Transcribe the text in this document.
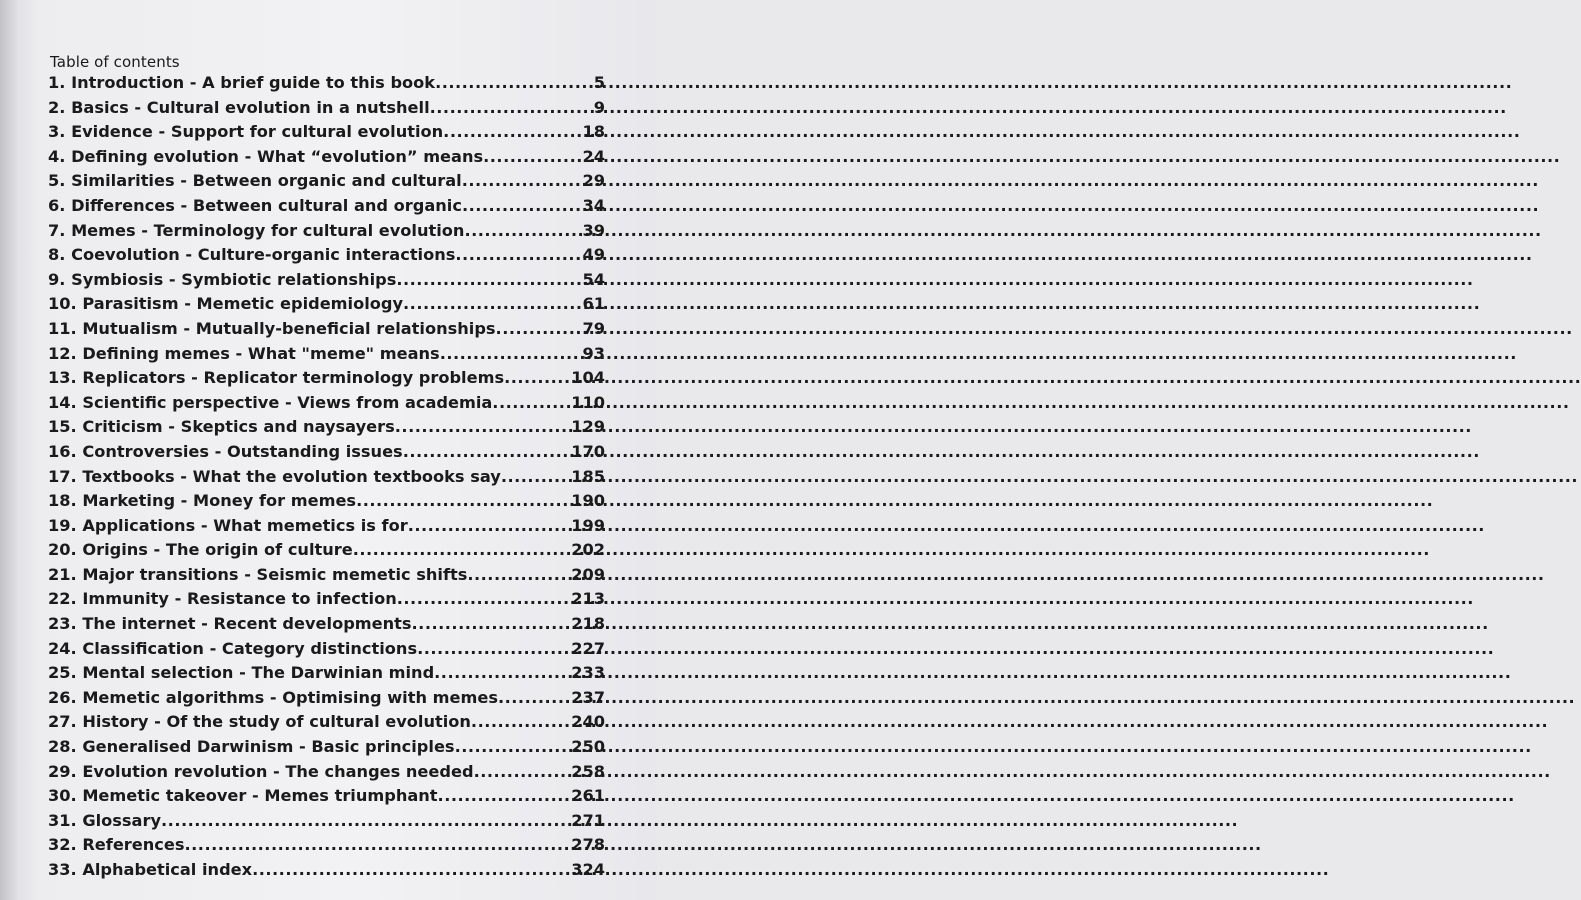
Table of contents
1. Introduction - A brief guide to this book .....	5
2. Basics - Cultural evolution in a nutshell .....	9
3. Evidence - Support for cultural evolution .....	18
4. Defining evolution - What “evolution” means .....	24
5. Similarities - Between organic and cultural .....	29
6. Differences - Between cultural and organic .....	34
7. Memes - Terminology for cultural evolution .....	39
8. Coevolution - Culture-organic interactions .....	49
9. Symbiosis - Symbiotic relationships .....	54
10. Parasitism - Memetic epidemiology .....	61
11. Mutualism - Mutually-beneficial relationships .....	79
12. Defining memes - What "meme" means .....	93
13. Replicators - Replicator terminology problems .....	104
14. Scientific perspective - Views from academia .....	110
15. Criticism - Skeptics and naysayers .....	129
16. Controversies - Outstanding issues .....	170
17. Textbooks - What the evolution textbooks say .....	185
18. Marketing - Money for memes .....	190
19. Applications - What memetics is for .....	199
20. Origins - The origin of culture .....	202
21. Major transitions - Seismic memetic shifts .....	209
22. Immunity - Resistance to infection .....	213
23. The internet - Recent developments .....	218
24. Classification - Category distinctions .....	227
25. Mental selection - The Darwinian mind .....	233
26. Memetic algorithms - Optimising with memes .....	237
27. History - Of the study of cultural evolution .....	240
28. Generalised Darwinism - Basic principles .....	250
29. Evolution revolution - The changes needed .....	258
30. Memetic takeover - Memes triumphant .....	261
31. Glossary .....	271
32. References .....	278
33. Alphabetical index .....	324
